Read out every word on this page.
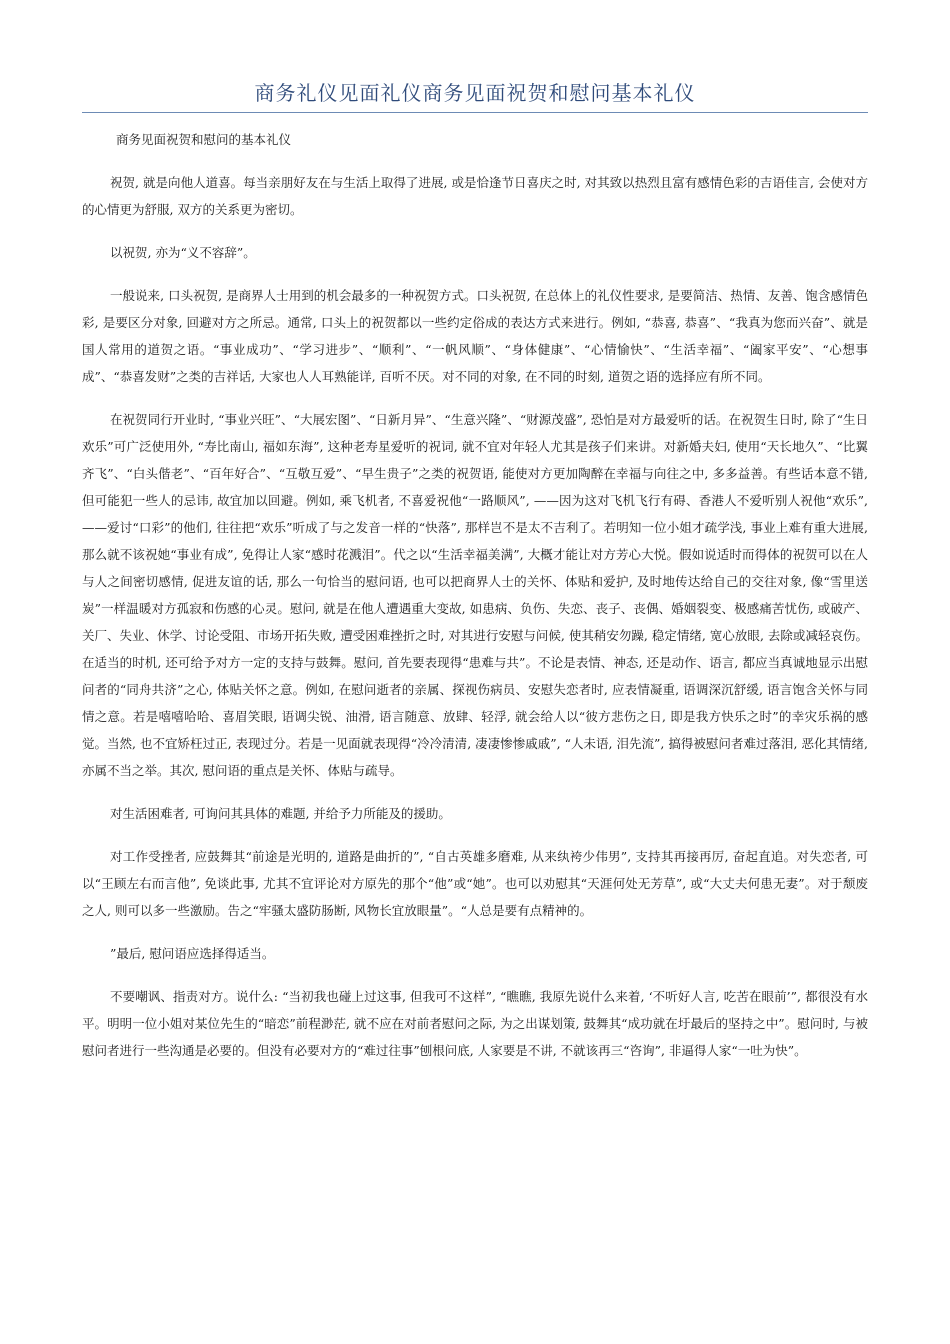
商务礼仪见面礼仪商务见面祝贺和慰问基本礼仪

商务见面祝贺和慰问的基本礼仪

祝贺, 就是向他人道喜。每当亲朋好友在与生活上取得了进展, 或是恰逢节日喜庆之时, 对其致以热烈且富有感情色彩的吉语佳言, 会使对方的心情更为舒服, 双方的关系更为密切。

以祝贺, 亦为“义不容辞”。

一般说来, 口头祝贺, 是商界人士用到的机会最多的一种祝贺方式。口头祝贺, 在总体上的礼仪性要求, 是要简洁、热情、友善、饱含感情色彩, 是要区分对象, 回避对方之所忌。通常, 口头上的祝贺都以一些约定俗成的表达方式来进行。例如, “恭喜, 恭喜”、“我真为您而兴奋”、就是国人常用的道贺之语。“事业成功”、“学习进步”、“顺利”、“一帆风顺”、“身体健康”、“心情愉快”、“生活幸福”、“阖家平安”、“心想事成”、“恭喜发财”之类的吉祥话, 大家也人人耳熟能详, 百听不厌。对不同的对象, 在不同的时刻, 道贺之语的选择应有所不同。

在祝贺同行开业时, “事业兴旺”、“大展宏图”、“日新月异”、“生意兴隆”、“财源茂盛”, 恐怕是对方最爱听的话。在祝贺生日时, 除了“生日欢乐”可广泛使用外, “寿比南山, 福如东海”, 这种老寿星爱听的祝词, 就不宜对年轻人尤其是孩子们来讲。对新婚夫妇, 使用“天长地久”、“比翼齐飞”、“白头偕老”、“百年好合”、“互敬互爱”、“早生贵子”之类的祝贺语, 能使对方更加陶醉在幸福与向往之中, 多多益善。有些话本意不错, 但可能犯一些人的忌讳, 故宜加以回避。例如, 乘飞机者, 不喜爱祝他“一路顺风”, ——因为这对飞机飞行有碍、香港人不爱听别人祝他“欢乐”, ——爱讨“口彩”的他们, 往往把“欢乐”听成了与之发音一样的“快落”, 那样岂不是太不吉利了。若明知一位小姐才疏学浅, 事业上难有重大进展, 那么就不该祝她“事业有成”, 免得让人家“感时花溅泪”。代之以“生活幸福美满”, 大概才能让对方芳心大悦。假如说适时而得体的祝贺可以在人与人之间密切感情, 促进友谊的话, 那么一句恰当的慰问语, 也可以把商界人士的关怀、体贴和爱护, 及时地传达给自己的交往对象, 像“雪里送炭”一样温暖对方孤寂和伤感的心灵。慰问, 就是在他人遭遇重大变故, 如患病、负伤、失恋、丧子、丧偶、婚姻裂变、极感痛苦忧伤, 或破产、关厂、失业、休学、讨论受阻、市场开拓失败, 遭受困难挫折之时, 对其进行安慰与问候, 使其稍安勿躁, 稳定情绪, 宽心放眼, 去除或减轻哀伤。在适当的时机, 还可给予对方一定的支持与鼓舞。慰问, 首先要表现得“患难与共”。不论是表情、神态, 还是动作、语言, 都应当真诚地显示出慰问者的“同舟共济”之心, 体贴关怀之意。例如, 在慰问逝者的亲属、探视伤病员、安慰失恋者时, 应表情凝重, 语调深沉舒缓, 语言饱含关怀与同情之意。若是嘻嘻哈哈、喜眉笑眼, 语调尖锐、油滑, 语言随意、放肆、轻浮, 就会给人以“彼方悲伤之日, 即是我方快乐之时”的幸灾乐祸的感觉。当然, 也不宜矫枉过正, 表现过分。若是一见面就表现得“冷冷清清, 凄凄惨惨戚戚”, “人未语, 泪先流”, 搞得被慰问者难过落泪, 恶化其情绪, 亦属不当之举。其次, 慰问语的重点是关怀、体贴与疏导。

对生活困难者, 可询问其具体的难题, 并给予力所能及的援助。

对工作受挫者, 应鼓舞其“前途是光明的, 道路是曲折的”, “自古英雄多磨难, 从来纨袴少伟男”, 支持其再接再厉, 奋起直追。对失恋者, 可以“王顾左右而言他”, 免谈此事, 尤其不宜评论对方原先的那个“他”或“她”。也可以劝慰其“天涯何处无芳草”, 或“大丈夫何患无妻”。对于颓废之人, 则可以多一些激励。告之“牢骚太盛防肠断, 风物长宜放眼量”。“人总是要有点精神的。

”最后, 慰问语应选择得适当。

不要嘲讽、指责对方。说什么: “当初我也碰上过这事, 但我可不这样”, “瞧瞧, 我原先说什么来着, ‘不听好人言, 吃苦在眼前’”, 都很没有水平。明明一位小姐对某位先生的“暗恋”前程渺茫, 就不应在对前者慰问之际, 为之出谋划策, 鼓舞其“成功就在圩最后的坚持之中”。慰问时, 与被慰问者进行一些沟通是必要的。但没有必要对方的“难过往事”刨根问底, 人家要是不讲, 不就该再三“咨询”, 非逼得人家“一吐为快”。
